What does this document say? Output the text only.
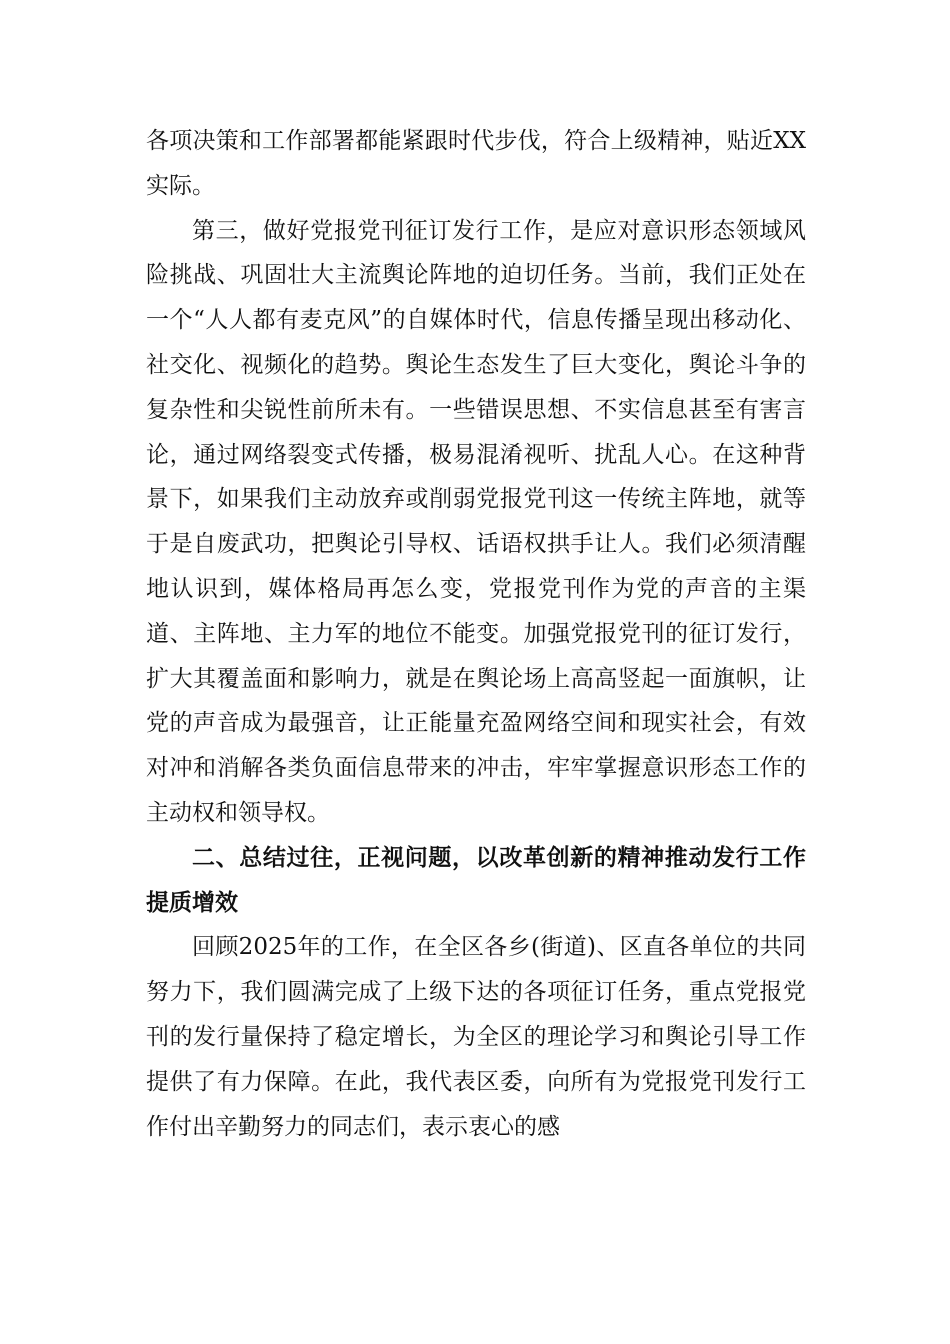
各项决策和工作部署都能紧跟时代步伐，符合上级精神，贴近XX实际。

第三，做好党报党刊征订发行工作，是应对意识形态领域风险挑战、巩固壮大主流舆论阵地的迫切任务。当前，我们正处在一个“人人都有麦克风”的自媒体时代，信息传播呈现出移动化、社交化、视频化的趋势。舆论生态发生了巨大变化，舆论斗争的复杂性和尖锐性前所未有。一些错误思想、不实信息甚至有害言论，通过网络裂变式传播，极易混淆视听、扰乱人心。在这种背景下，如果我们主动放弃或削弱党报党刊这一传统主阵地，就等于是自废武功，把舆论引导权、话语权拱手让人。我们必须清醒地认识到，媒体格局再怎么变，党报党刊作为党的声音的主渠道、主阵地、主力军的地位不能变。加强党报党刊的征订发行，扩大其覆盖面和影响力，就是在舆论场上高高竖起一面旗帜，让党的声音成为最强音，让正能量充盈网络空间和现实社会，有效对冲和消解各类负面信息带来的冲击，牢牢掌握意识形态工作的主动权和领导权。

二、总结过往，正视问题，以改革创新的精神推动发行工作提质增效

回顾2025年的工作，在全区各乡(街道)、区直各单位的共同努力下，我们圆满完成了上级下达的各项征订任务，重点党报党刊的发行量保持了稳定增长，为全区的理论学习和舆论引导工作提供了有力保障。在此，我代表区委，向所有为党报党刊发行工作付出辛勤努力的同志们，表示衷心的感
